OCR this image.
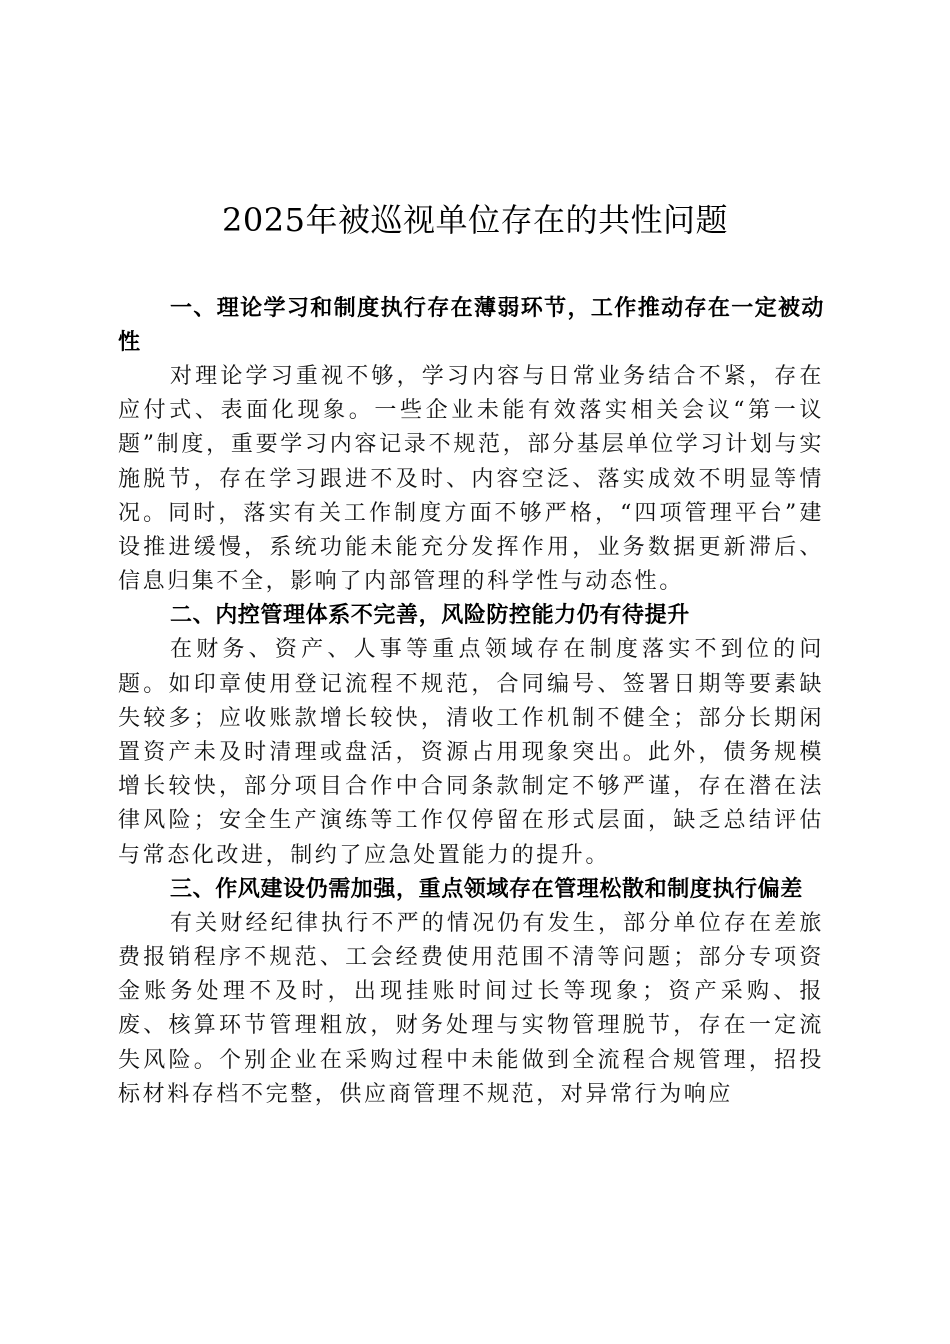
2025年被巡视单位存在的共性问题

一、理论学习和制度执行存在薄弱环节，工作推动存在一定被动性

对理论学习重视不够，学习内容与日常业务结合不紧，存在应付式、表面化现象。一些企业未能有效落实相关会议“第一议题”制度，重要学习内容记录不规范，部分基层单位学习计划与实施脱节，存在学习跟进不及时、内容空泛、落实成效不明显等情况。同时，落实有关工作制度方面不够严格，“四项管理平台”建设推进缓慢，系统功能未能充分发挥作用，业务数据更新滞后、信息归集不全，影响了内部管理的科学性与动态性。

二、内控管理体系不完善，风险防控能力仍有待提升

在财务、资产、人事等重点领域存在制度落实不到位的问题。如印章使用登记流程不规范，合同编号、签署日期等要素缺失较多；应收账款增长较快，清收工作机制不健全；部分长期闲置资产未及时清理或盘活，资源占用现象突出。此外，债务规模增长较快，部分项目合作中合同条款制定不够严谨，存在潜在法律风险；安全生产演练等工作仅停留在形式层面，缺乏总结评估与常态化改进，制约了应急处置能力的提升。

三、作风建设仍需加强，重点领域存在管理松散和制度执行偏差

有关财经纪律执行不严的情况仍有发生，部分单位存在差旅费报销程序不规范、工会经费使用范围不清等问题；部分专项资金账务处理不及时，出现挂账时间过长等现象；资产采购、报废、核算环节管理粗放，财务处理与实物管理脱节，存在一定流失风险。个别企业在采购过程中未能做到全流程合规管理，招投标材料存档不完整，供应商管理不规范，对异常行为响应
